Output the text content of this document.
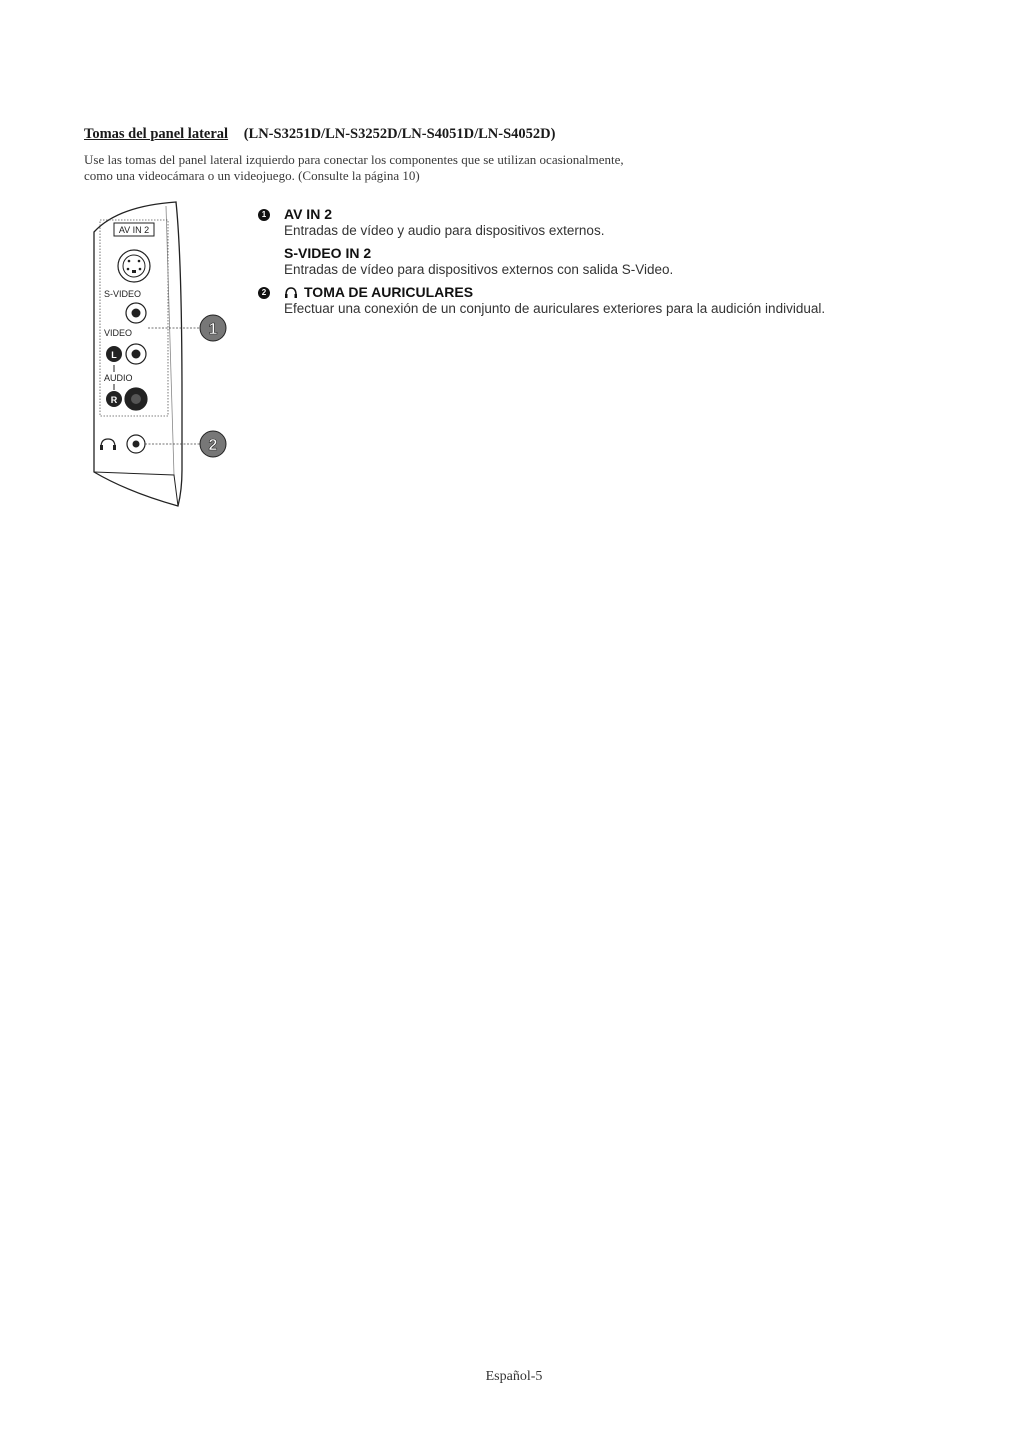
Tomas del panel lateral (LN-S3251D/LN-S3252D/LN-S4051D/LN-S4052D)
Use las tomas del panel lateral izquierdo para conectar los componentes que se utilizan ocasionalmente,
como una videocámara o un videojuego. (Consulte la página 10)
AV IN 2
S-VIDEO
VIDEO
L
AUDIO
R
1
2
1 AV IN 2
Entradas de vídeo y audio para dispositivos externos.
S-VIDEO IN 2
Entradas de vídeo para dispositivos externos con salida S-Video.
2	TOMA DE AURICULARES
Efectuar una conexión de un conjunto de auriculares exteriores para la audición individual.
Español-5
